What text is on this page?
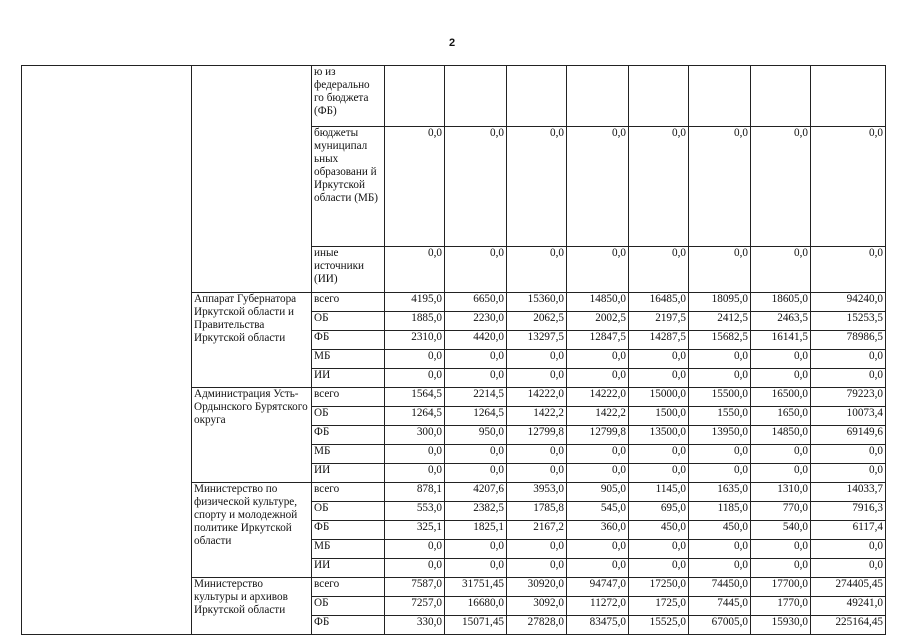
2
		ю из федерально го бюджета (ФБ)								
		бюджеты муниципал ьных образовани й Иркутской области (МБ)	0,0	0,0	0,0	0,0	0,0	0,0	0,0	0,0
		иные источники (ИИ)	0,0	0,0	0,0	0,0	0,0	0,0	0,0	0,0
	Аппарат Губернатора Иркутской области и Правительства Иркутской области	всего	4195,0	6650,0	15360,0	14850,0	16485,0	18095,0	18605,0	94240,0
		ОБ	1885,0	2230,0	2062,5	2002,5	2197,5	2412,5	2463,5	15253,5
		ФБ	2310,0	4420,0	13297,5	12847,5	14287,5	15682,5	16141,5	78986,5
		МБ	0,0	0,0	0,0	0,0	0,0	0,0	0,0	0,0
		ИИ	0,0	0,0	0,0	0,0	0,0	0,0	0,0	0,0
	Администрация Усть-Ордынского Бурятского округа	всего	1564,5	2214,5	14222,0	14222,0	15000,0	15500,0	16500,0	79223,0
		ОБ	1264,5	1264,5	1422,2	1422,2	1500,0	1550,0	1650,0	10073,4
		ФБ	300,0	950,0	12799,8	12799,8	13500,0	13950,0	14850,0	69149,6
		МБ	0,0	0,0	0,0	0,0	0,0	0,0	0,0	0,0
		ИИ	0,0	0,0	0,0	0,0	0,0	0,0	0,0	0,0
	Министерство по физической культуре, спорту и молодежной политике Иркутской области	всего	878,1	4207,6	3953,0	905,0	1145,0	1635,0	1310,0	14033,7
		ОБ	553,0	2382,5	1785,8	545,0	695,0	1185,0	770,0	7916,3
		ФБ	325,1	1825,1	2167,2	360,0	450,0	450,0	540,0	6117,4
		МБ	0,0	0,0	0,0	0,0	0,0	0,0	0,0	0,0
		ИИ	0,0	0,0	0,0	0,0	0,0	0,0	0,0	0,0
	Министерство культуры и архивов Иркутской области	всего	7587,0	31751,45	30920,0	94747,0	17250,0	74450,0	17700,0	274405,45
		ОБ	7257,0	16680,0	3092,0	11272,0	1725,0	7445,0	1770,0	49241,0
		ФБ	330,0	15071,45	27828,0	83475,0	15525,0	67005,0	15930,0	225164,45
